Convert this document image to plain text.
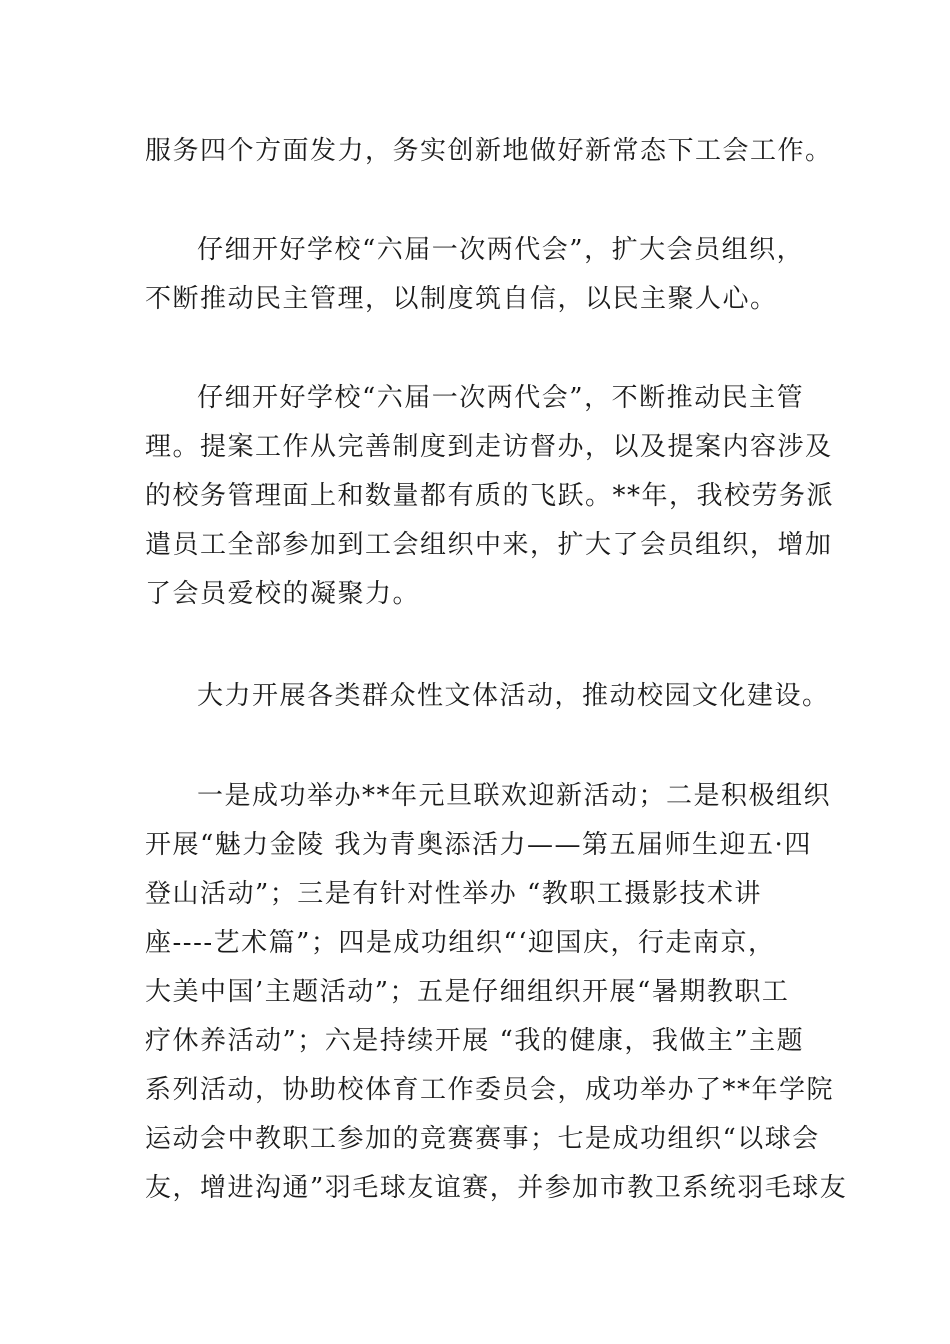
服务四个方面发力，务实创新地做好新常态下工会工作。
仔细开好学校“六届一次两代会”，扩大会员组织，
不断推动民主管理，以制度筑自信，以民主聚人心。
仔细开好学校“六届一次两代会”，不断推动民主管
理。提案工作从完善制度到走访督办，以及提案内容涉及
的校务管理面上和数量都有质的飞跃。**年，我校劳务派
遣员工全部参加到工会组织中来，扩大了会员组织，增加
了会员爱校的凝聚力。
大力开展各类群众性文体活动，推动校园文化建设。
一是成功举办**年元旦联欢迎新活动；二是积极组织
开展“魅力金陵 我为青奥添活力——第五届师生迎五·四
登山活动”；三是有针对性举办 “教职工摄影技术讲
座----艺术篇”；四是成功组织“‘迎国庆，行走南京，
大美中国’主题活动”；五是仔细组织开展“暑期教职工
疗休养活动”；六是持续开展 “我的健康，我做主”主题
系列活动，协助校体育工作委员会，成功举办了**年学院
运动会中教职工参加的竞赛赛事；七是成功组织“以球会
友，增进沟通”羽毛球友谊赛，并参加市教卫系统羽毛球友
